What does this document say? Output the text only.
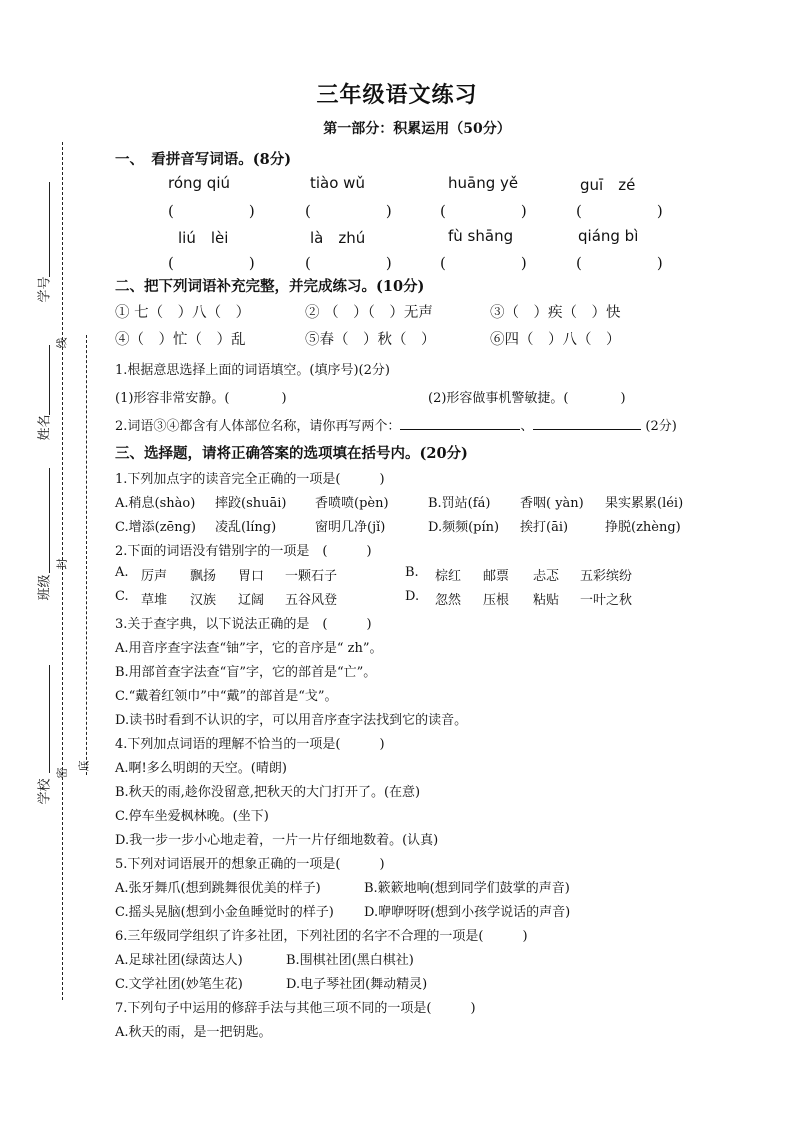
学号
姓名
班级
学校
线
封
密
底
三年级语文练习
第一部分：积累运用（50分）
一、　看拼音写词语。(8分)
róng qiú	tiào wǔ	huāng yě	guī　zé
(　　　　　)	(　　　　　)	(　　　　　)	(　　　　　)
liú　lèi	là　zhú	fù shāng	qiáng bì
(　　　　　)	(　　　　　)	(　　　　　)	(　　　　　)
二、把下列词语补充完整，并完成练习。(10分)
① 七（　）八（　）	② （　）（　）无声	③（　）疾（　）快
④（　）忙（　）乱	⑤春（　）秋（　）	⑥四（　）八（　）
1.根据意思选择上面的词语填空。(填序号)(2分)
(1)形容非常安静。(　　　　)	(2)形容做事机警敏捷。(　　　　)
2.词语③④都含有人体部位名称，请你再写两个：	、	(2分)
三、选择题，请将正确答案的选项填在括号内。(20分)
1.下列加点字的读音完全正确的一项是(　　　)
A.稍息(shào) 摔跤(shuāi) 香喷喷(pèn)	B.罚站(fá) 香咽( yàn) 果实累累(léi)
C.增添(zēng) 凌乱(líng)	窗明几净(jǐ)	D.频频(pín) 挨打(āi)	挣脱(zhèng)
2.下面的词语没有错别字的一项是　(　　　)
A. 厉声 飘扬 胃口 一颗石子	B. 棕红 邮票 忐忑 五彩缤纷
C. 草堆 汉族 辽阔 五谷风登	D. 忽然 压根 粘贴 一叶之秋
3.关于查字典，以下说法正确的是　(　　　)
A.用音序查字法查“铀”字，它的音序是“ zh”。
B.用部首查字法查“盲”字，它的部首是“亡”。
C.“戴着红领巾”中“戴”的部首是“戈”。
D.读书时看到不认识的字，可以用音序查字法找到它的读音。
4.下列加点词语的理解不恰当的一项是(　　　)
A.啊!多么明朗的天空。(晴朗)
B.秋天的雨,趁你没留意,把秋天的大门打开了。(在意)
C.停车坐爱枫林晚。(坐下)
D.我一步一步小心地走着，一片一片仔细地数着。(认真)
5.下列对词语展开的想象正确的一项是(　　　)
A.张牙舞爪(想到跳舞很优美的样子)	B.簌簌地响(想到同学们鼓掌的声音)
C.摇头晃脑(想到小金鱼睡觉时的样子) D.咿咿呀呀(想到小孩学说话的声音)
6.三年级同学组织了许多社团，下列社团的名字不合理的一项是(　　　)
A.足球社团(绿茵达人)	B.围棋社团(黑白棋社)
C.文学社团(妙笔生花)	D.电子琴社团(舞动精灵)
7.下列句子中运用的修辞手法与其他三项不同的一项是(　　　)
A.秋天的雨，是一把钥匙。
